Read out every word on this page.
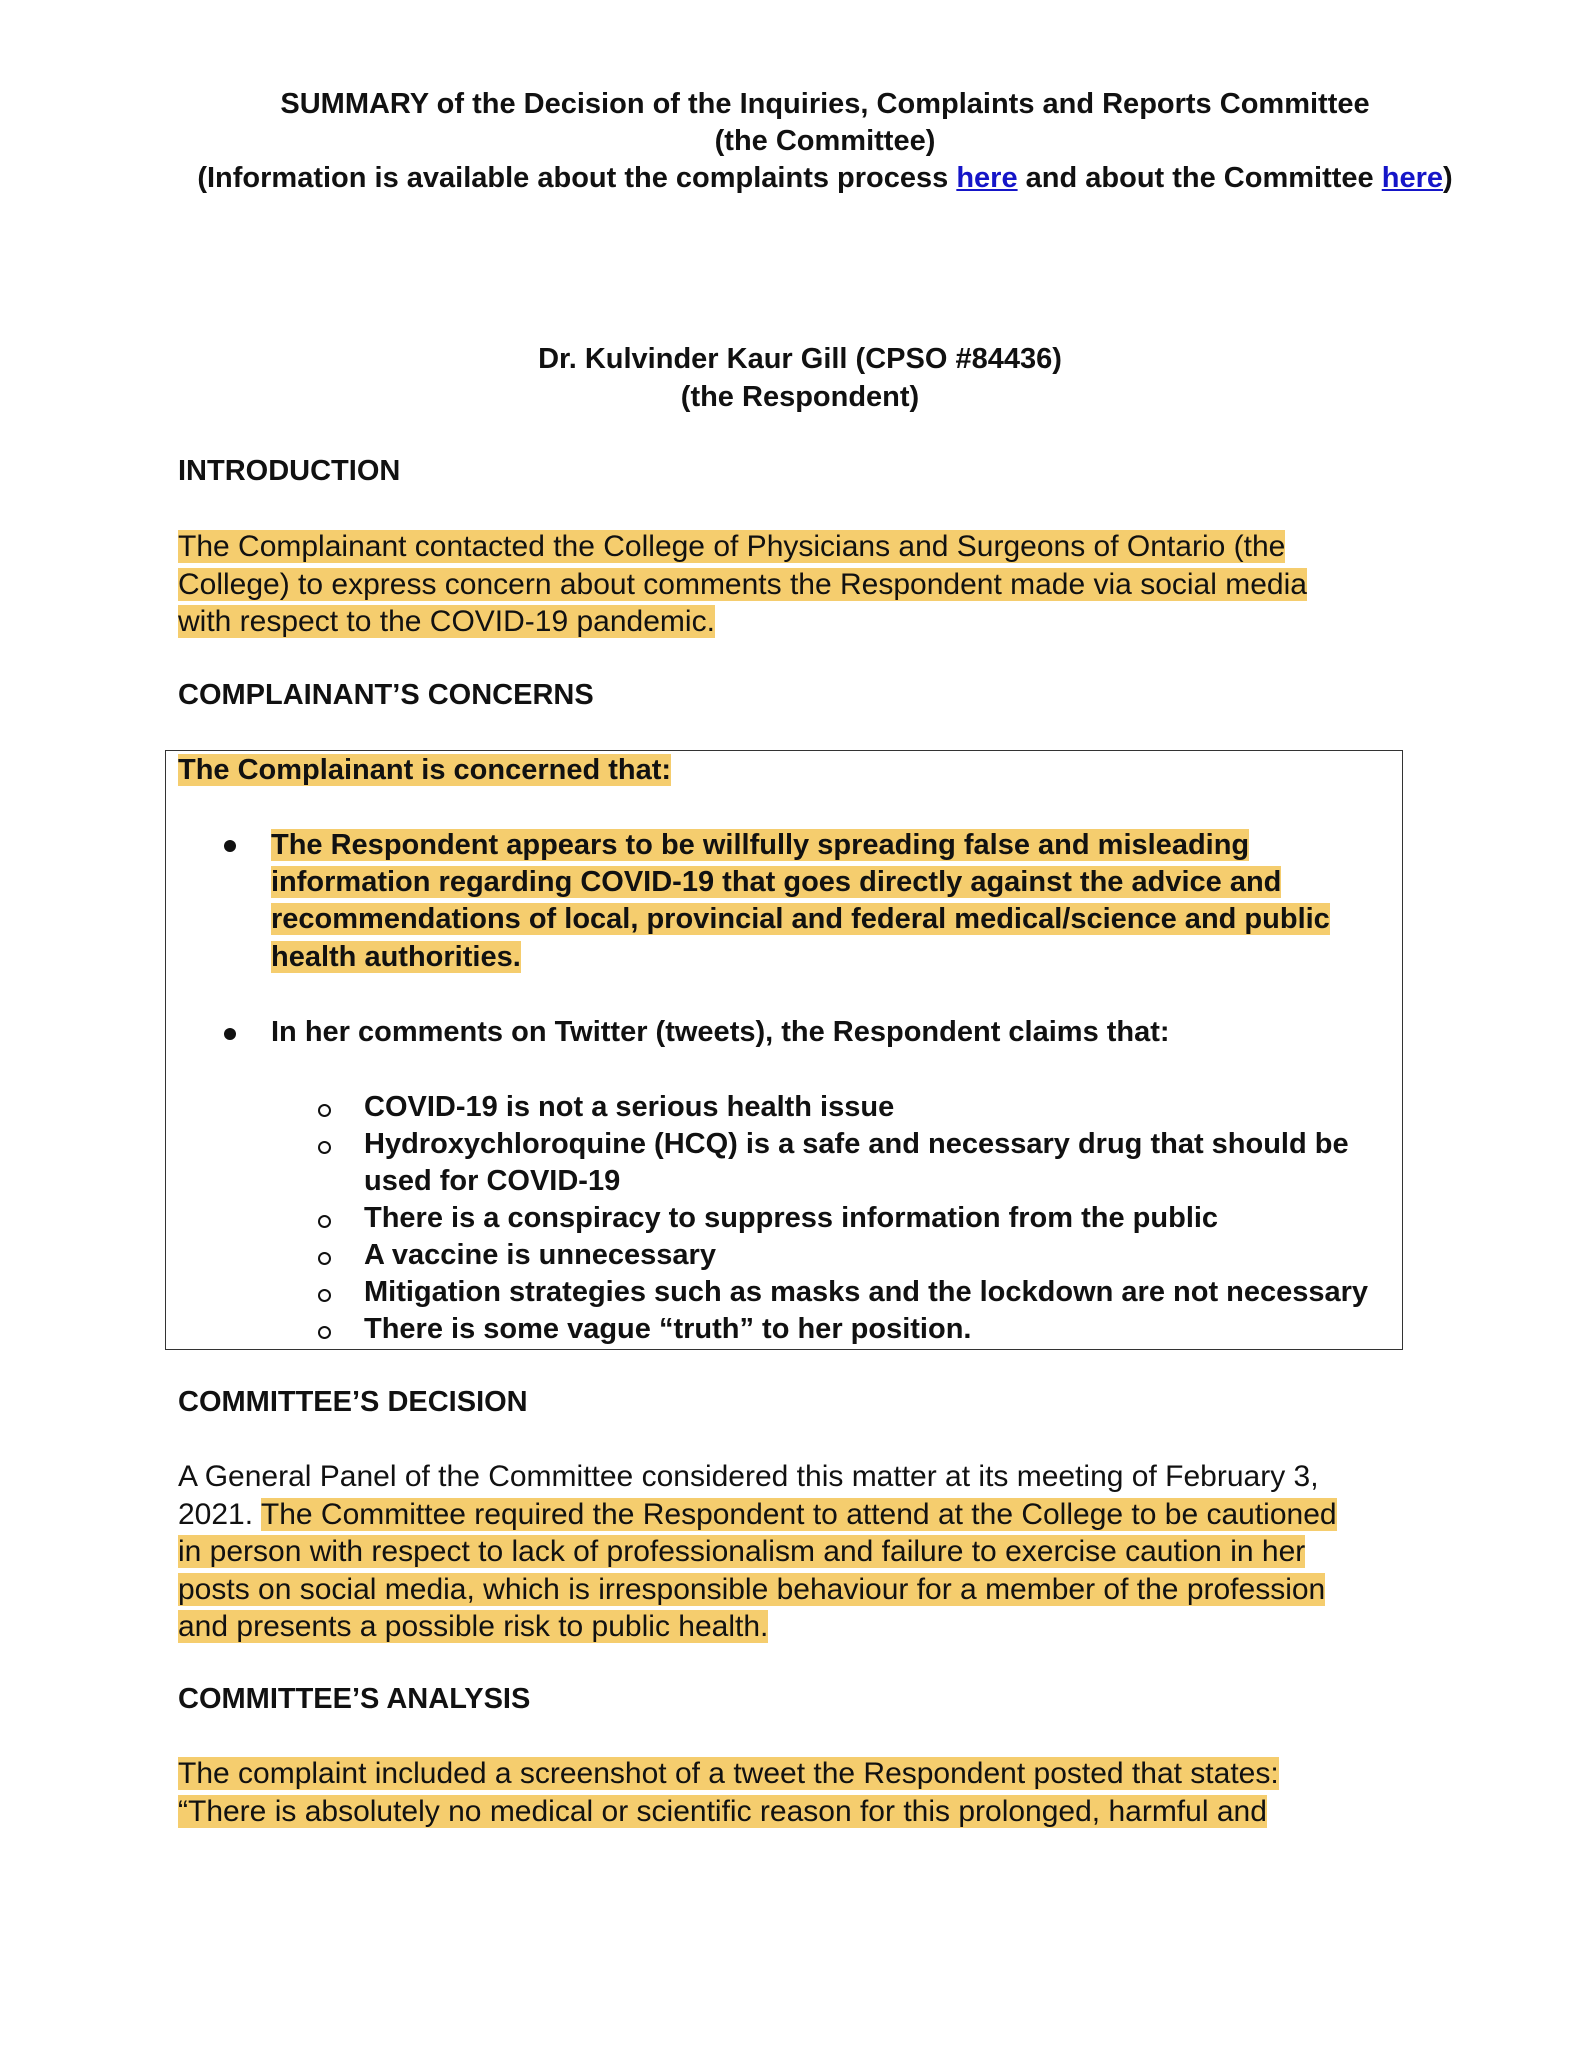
SUMMARY of the Decision of the Inquiries, Complaints and Reports Committee
(the Committee)
(Information is available about the complaints process here and about the Committee here)
Dr. Kulvinder Kaur Gill (CPSO #84436)
(the Respondent)
INTRODUCTION
The Complainant contacted the College of Physicians and Surgeons of Ontario (the
College) to express concern about comments the Respondent made via social media
with respect to the COVID-19 pandemic.
COMPLAINANT’S CONCERNS
The Complainant is concerned that:
The Respondent appears to be willfully spreading false and misleading
information regarding COVID-19 that goes directly against the advice and
recommendations of local, provincial and federal medical/science and public
health authorities.
In her comments on Twitter (tweets), the Respondent claims that:
COVID-19 is not a serious health issue
Hydroxychloroquine (HCQ) is a safe and necessary drug that should be
used for COVID-19
There is a conspiracy to suppress information from the public
A vaccine is unnecessary
Mitigation strategies such as masks and the lockdown are not necessary
There is some vague “truth” to her position.
COMMITTEE’S DECISION
A General Panel of the Committee considered this matter at its meeting of February 3,
2021. The Committee required the Respondent to attend at the College to be cautioned
in person with respect to lack of professionalism and failure to exercise caution in her
posts on social media, which is irresponsible behaviour for a member of the profession
and presents a possible risk to public health.
COMMITTEE’S ANALYSIS
The complaint included a screenshot of a tweet the Respondent posted that states:
“There is absolutely no medical or scientific reason for this prolonged, harmful and
